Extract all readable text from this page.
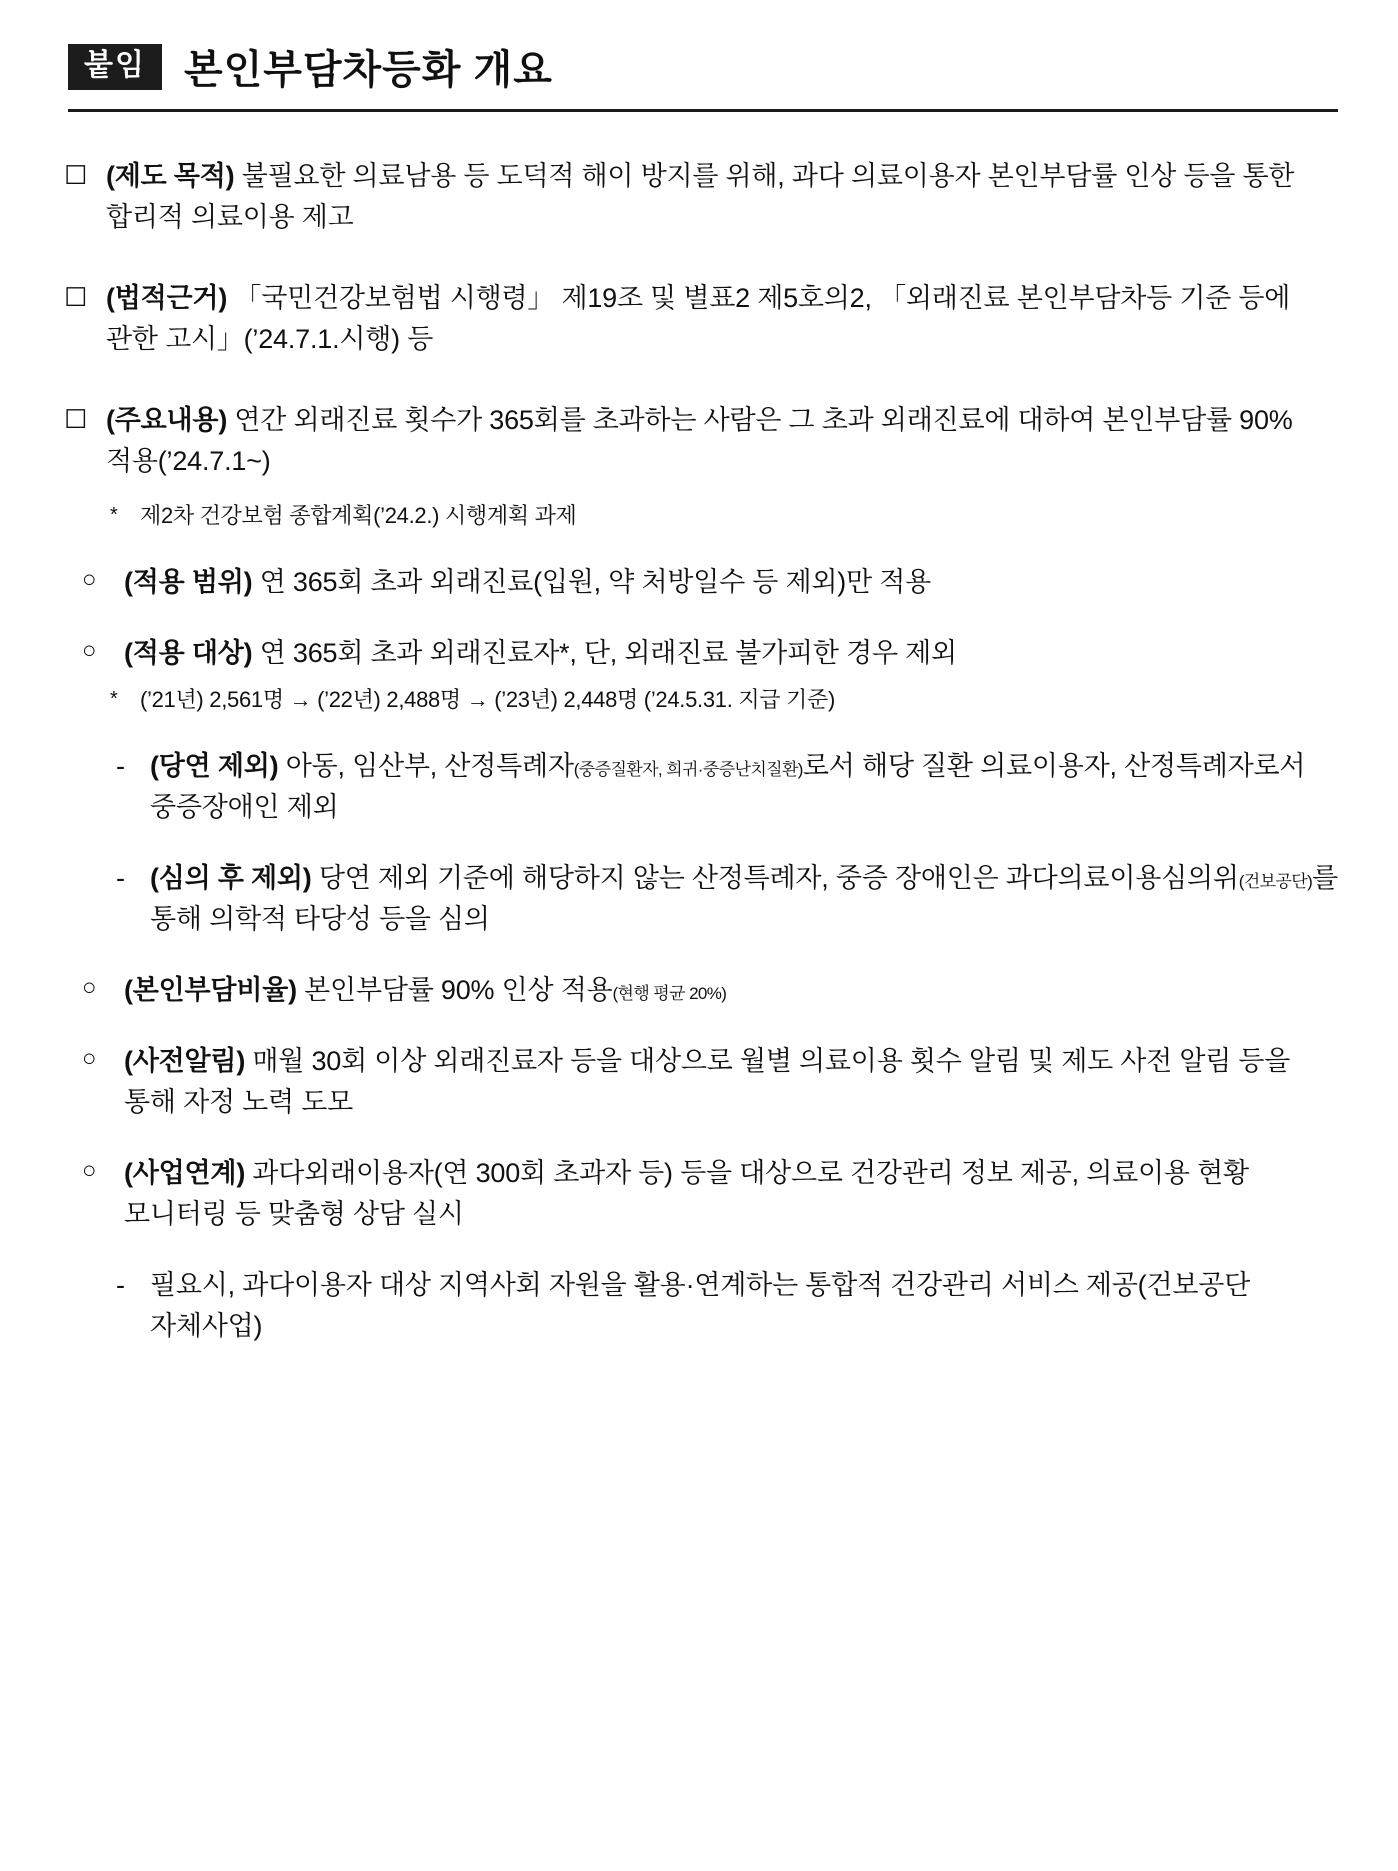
붙임 본인부담차등화 개요
☐ (제도 목적) 불필요한 의료남용 등 도덕적 해이 방지를 위해, 과다 의료이용자 본인부담률 인상 등을 통한 합리적 의료이용 제고
☐ (법적근거) 「국민건강보험법 시행령」 제19조 및 별표2 제5호의2, 「외래진료 본인부담차등 기준 등에 관한 고시」(’24.7.1.시행) 등
☐ (주요내용) 연간 외래진료 횟수가 365회를 초과하는 사람은 그 초과 외래진료에 대하여 본인부담률 90% 적용(’24.7.1~)
*	제2차 건강보험 종합계획(’24.2.) 시행계획 과제
○	(적용 범위) 연 365회 초과 외래진료(입원, 약 처방일수 등 제외)만 적용
○	(적용 대상) 연 365회 초과 외래진료자*, 단, 외래진료 불가피한 경우 제외
*	(’21년) 2,561명 → (’22년) 2,488명 → (’23년) 2,448명 (’24.5.31. 지급 기준)
- (당연 제외) 아동, 임산부, 산정특례자(중증질환자, 희귀·중증난치질환)로서 해당 질환 의료이용자, 산정특례자로서 중증장애인 제외
- (심의 후 제외) 당연 제외 기준에 해당하지 않는 산정특례자, 중증 장애인은 과다의료이용심의위(건보공단)를 통해 의학적 타당성 등을 심의
○	(본인부담비율) 본인부담률 90% 인상 적용(현행 평균 20%)
○	(사전알림) 매월 30회 이상 외래진료자 등을 대상으로 월별 의료이용 횟수 알림 및 제도 사전 알림 등을 통해 자정 노력 도모
○	(사업연계) 과다외래이용자(연 300회 초과자 등) 등을 대상으로 건강관리 정보 제공, 의료이용 현황 모니터링 등 맞춤형 상담 실시
- 필요시, 과다이용자 대상 지역사회 자원을 활용·연계하는 통합적 건강관리 서비스 제공(건보공단 자체사업)
